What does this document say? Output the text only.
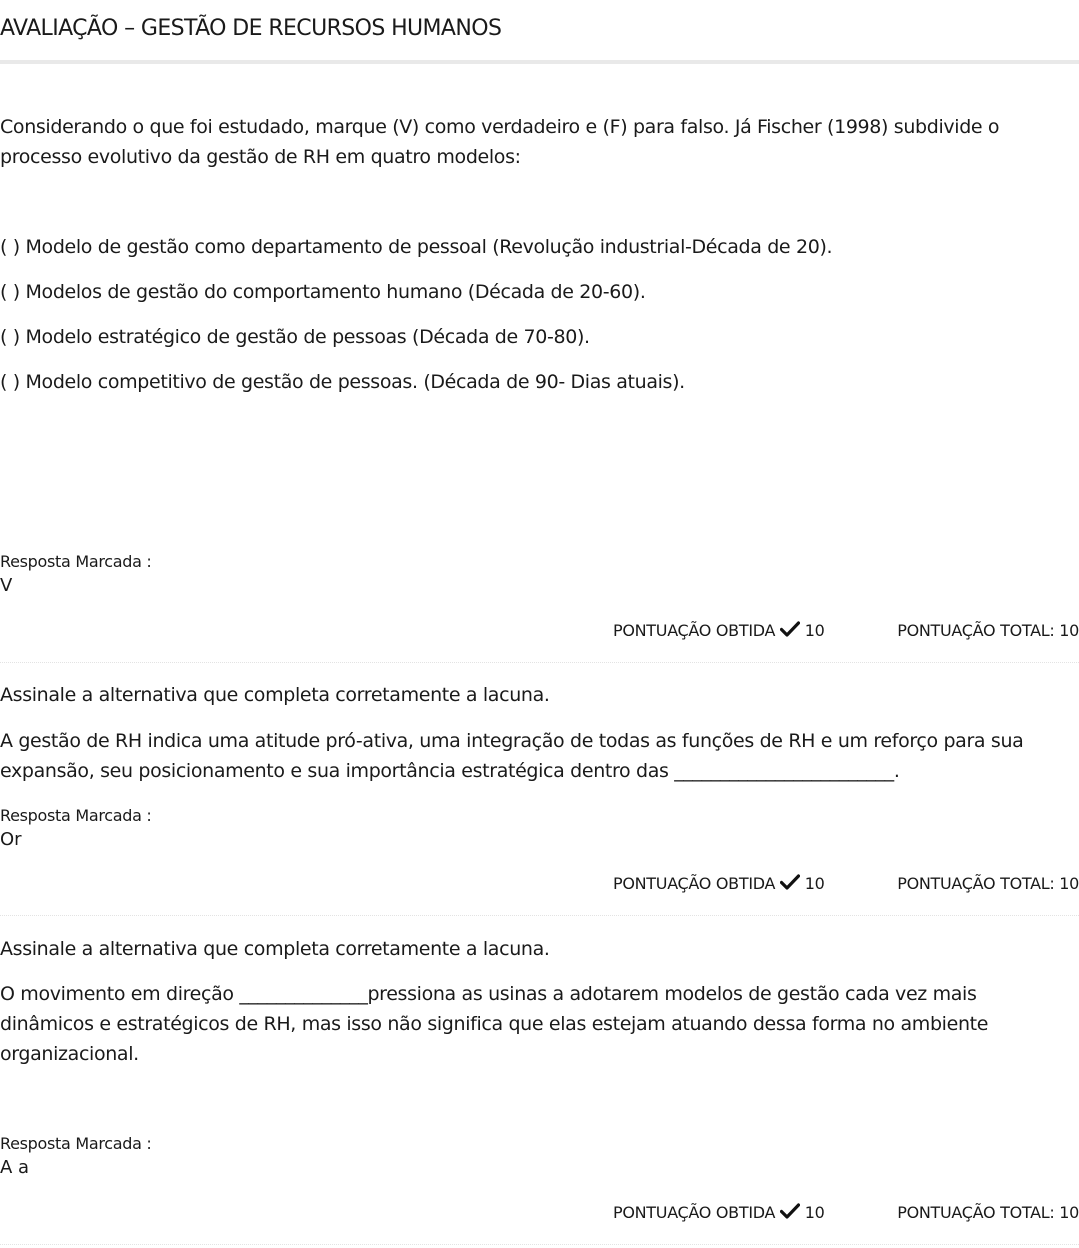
AVALIAÇÃO – GESTÃO DE RECURSOS HUMANOS

Considerando o que foi estudado, marque (V) como verdadeiro e (F) para falso. Já Fischer (1998) subdivide o

processo evolutivo da gestão de RH em quatro modelos:

( ) Modelo de gestão como departamento de pessoal (Revolução industrial-Década de 20).
( ) Modelos de gestão do comportamento humano (Década de 20-60).
( ) Modelo estratégico de gestão de pessoas (Década de 70-80).
( ) Modelo competitivo de gestão de pessoas. (Década de 90- Dias atuais).
Resposta Marcada :
V
PONTUAÇÃO OBTIDA 10	PONTUAÇÃO TOTAL: 10

Assinale a alternativa que completa corretamente a lacuna.

A gestão de RH indica uma atitude pró-ativa, uma integração de todas as funções de RH e um reforço para sua

expansão, seu posicionamento e sua importância estratégica dentro das ________________________.

Resposta Marcada :
Or
PONTUAÇÃO OBTIDA 10	PONTUAÇÃO TOTAL: 10

Assinale a alternativa que completa corretamente a lacuna.

O movimento em direção ______________pressiona as usinas a adotarem modelos de gestão cada vez mais

dinâmicos e estratégicos de RH, mas isso não significa que elas estejam atuando dessa forma no ambiente

organizacional.

Resposta Marcada :
A a
PONTUAÇÃO OBTIDA 10	PONTUAÇÃO TOTAL: 10
